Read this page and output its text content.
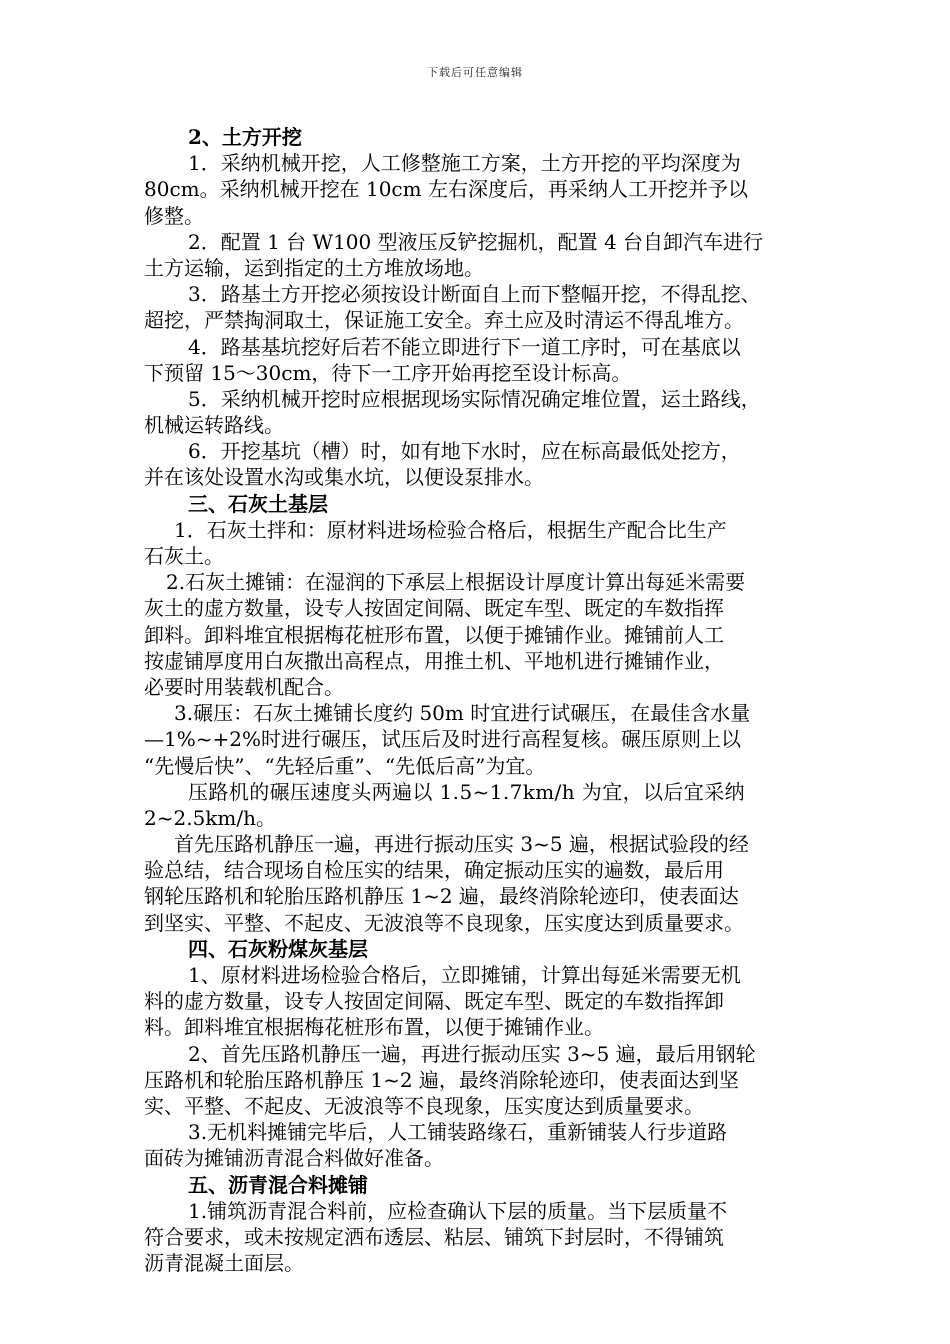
下载后可任意编辑
2、土方开挖
1．采纳机械开挖，人工修整施工方案，土方开挖的平均深度为
80cm。采纳机械开挖在 10cm 左右深度后，再采纳人工开挖并予以
修整。
2．配置 1 台 W100 型液压反铲挖掘机，配置 4 台自卸汽车进行
土方运输，运到指定的土方堆放场地。
3．路基土方开挖必须按设计断面自上而下整幅开挖，不得乱挖、
超挖，严禁掏洞取土，保证施工安全。弃土应及时清运不得乱堆方。
4．路基基坑挖好后若不能立即进行下一道工序时，可在基底以
下预留 15～30cm，待下一工序开始再挖至设计标高。
5．采纳机械开挖时应根据现场实际情况确定堆位置，运土路线，
机械运转路线。
6．开挖基坑（槽）时，如有地下水时，应在标高最低处挖方，
并在该处设置水沟或集水坑，以便设泵排水。
三、石灰土基层
1．石灰土拌和：原材料进场检验合格后，根据生产配合比生产
石灰土。
2.石灰土摊铺：在湿润的下承层上根据设计厚度计算出每延米需要
灰土的虚方数量，设专人按固定间隔、既定车型、既定的车数指挥
卸料。卸料堆宜根据梅花桩形布置，以便于摊铺作业。摊铺前人工
按虚铺厚度用白灰撒出高程点，用推土机、平地机进行摊铺作业，
必要时用装载机配合。
3.碾压：石灰土摊铺长度约 50m 时宜进行试碾压，在最佳含水量
—1%~+2%时进行碾压，试压后及时进行高程复核。碾压原则上以
“先慢后快”、“先轻后重”、“先低后高”为宜。
压路机的碾压速度头两遍以 1.5~1.7km/h 为宜，以后宜采纳
2~2.5km/h。
首先压路机静压一遍，再进行振动压实 3~5 遍，根据试验段的经
验总结，结合现场自检压实的结果，确定振动压实的遍数，最后用
钢轮压路机和轮胎压路机静压 1~2 遍，最终消除轮迹印，使表面达
到坚实、平整、不起皮、无波浪等不良现象，压实度达到质量要求。
四、石灰粉煤灰基层
1、原材料进场检验合格后，立即摊铺，计算出每延米需要无机
料的虚方数量，设专人按固定间隔、既定车型、既定的车数指挥卸
料。卸料堆宜根据梅花桩形布置，以便于摊铺作业。
2、首先压路机静压一遍，再进行振动压实 3~5 遍，最后用钢轮
压路机和轮胎压路机静压 1~2 遍，最终消除轮迹印，使表面达到坚
实、平整、不起皮、无波浪等不良现象，压实度达到质量要求。
3.无机料摊铺完毕后，人工铺装路缘石，重新铺装人行步道路
面砖为摊铺沥青混合料做好准备。
五、沥青混合料摊铺
1.铺筑沥青混合料前，应检查确认下层的质量。当下层质量不
符合要求，或未按规定洒布透层、粘层、铺筑下封层时，不得铺筑
沥青混凝土面层。
